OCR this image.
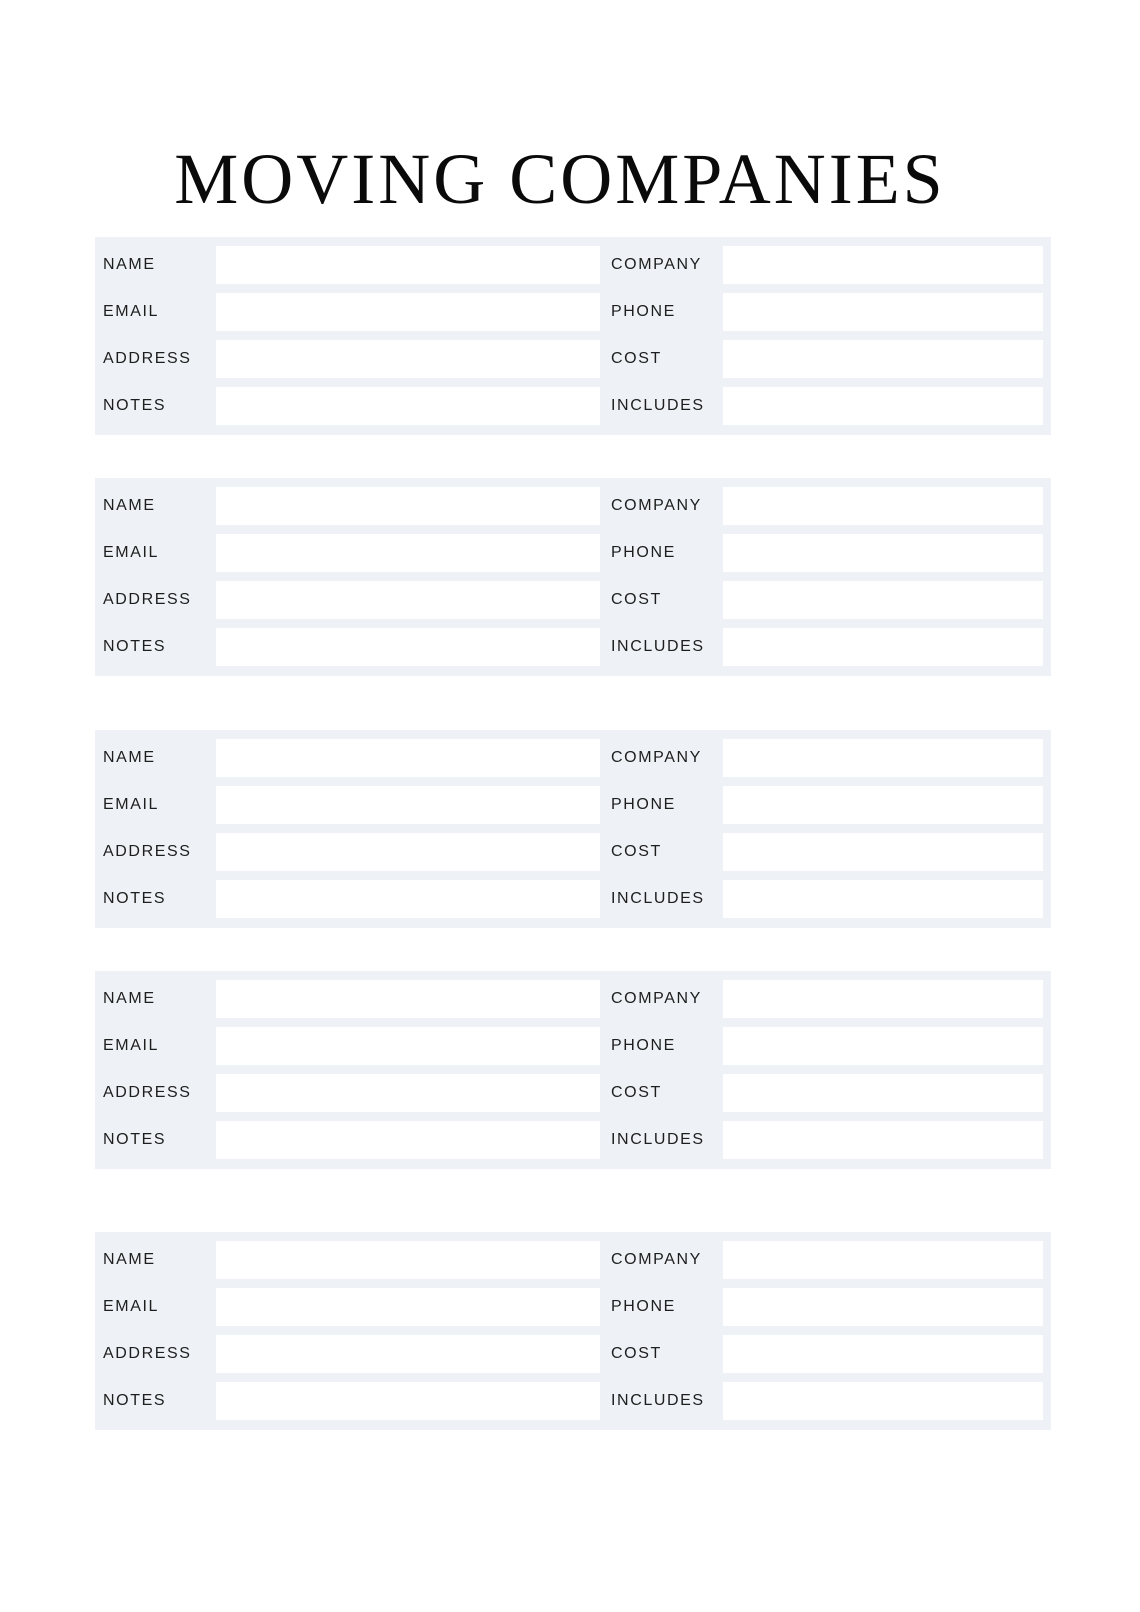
MOVING COMPANIES
NAME	COMPANY
EMAIL	PHONE
ADDRESS	COST
NOTES	INCLUDES
NAME	COMPANY
EMAIL	PHONE
ADDRESS	COST
NOTES	INCLUDES
NAME	COMPANY
EMAIL	PHONE
ADDRESS	COST
NOTES	INCLUDES
NAME	COMPANY
EMAIL	PHONE
ADDRESS	COST
NOTES	INCLUDES
NAME	COMPANY
EMAIL	PHONE
ADDRESS	COST
NOTES	INCLUDES
